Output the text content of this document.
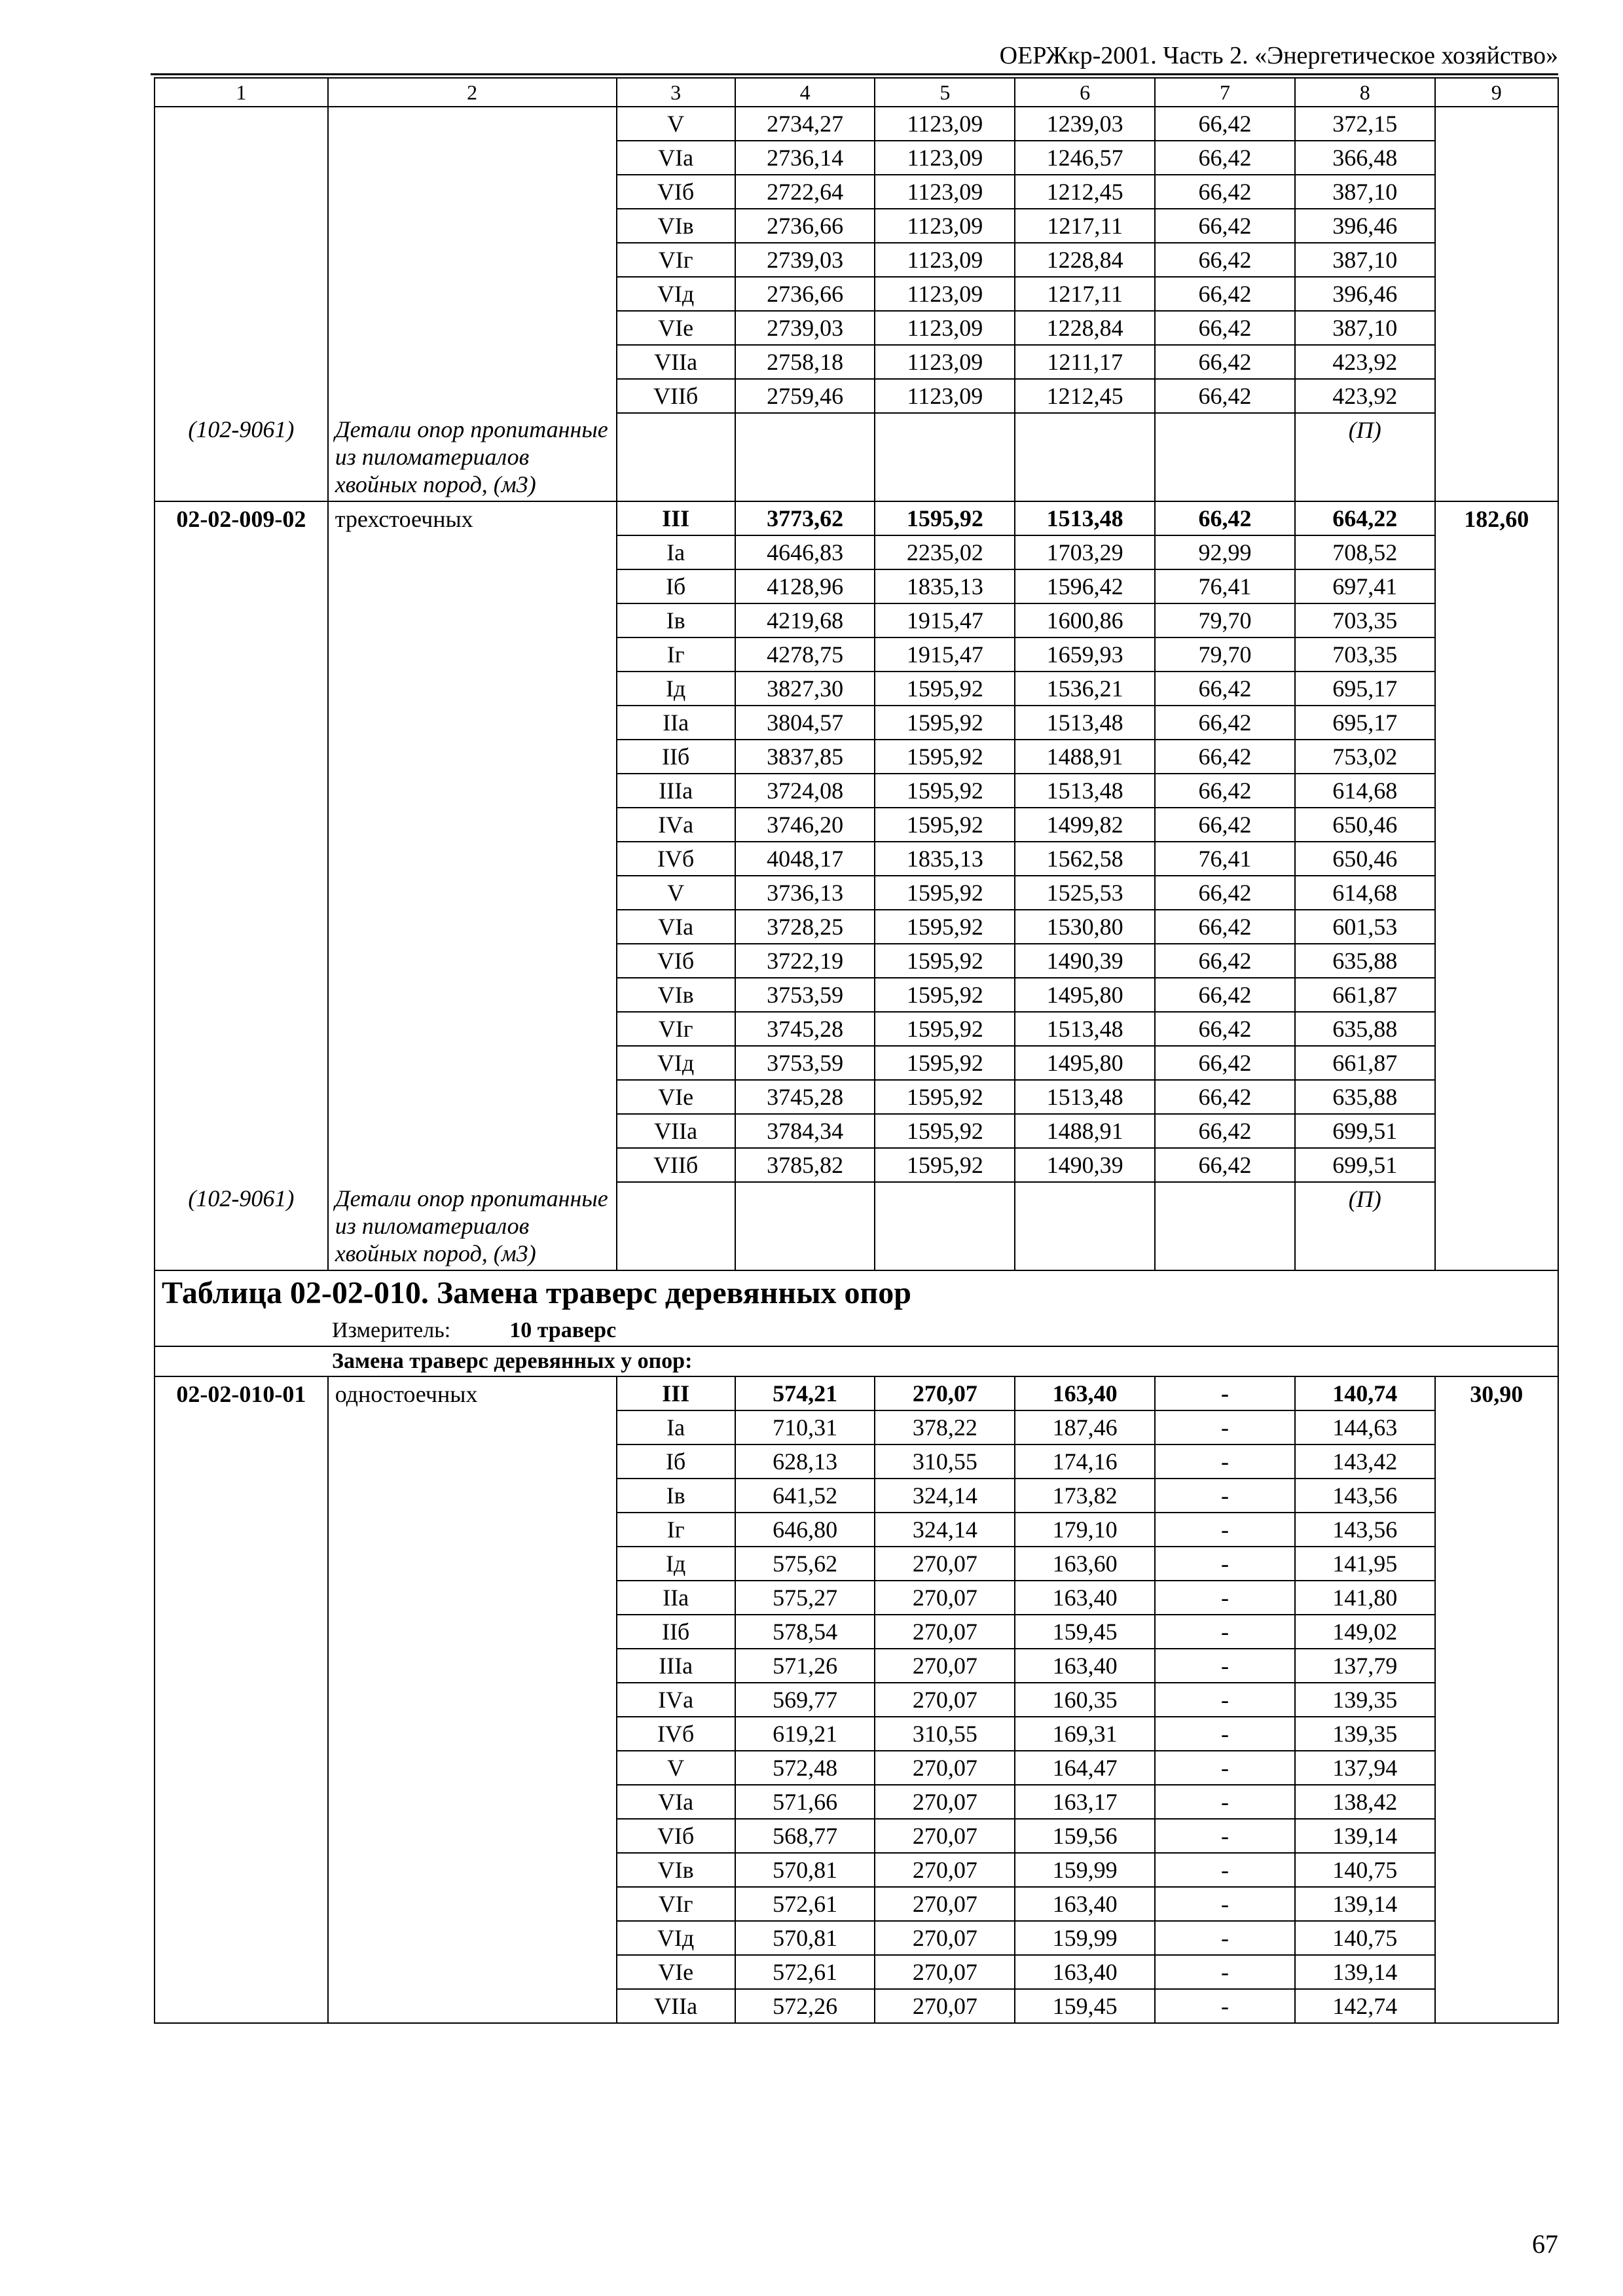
ОЕРЖкр-2001. Часть 2. «Энергетическое хозяйство»
1	2	3	4	5	6	7	8	9
		V	2734,27	1123,09	1239,03	66,42	372,15	
		VIа	2736,14	1123,09	1246,57	66,42	366,48	
		VIб	2722,64	1123,09	1212,45	66,42	387,10	
		VIв	2736,66	1123,09	1217,11	66,42	396,46	
		VIг	2739,03	1123,09	1228,84	66,42	387,10	
		VIд	2736,66	1123,09	1217,11	66,42	396,46	
		VIе	2739,03	1123,09	1228,84	66,42	387,10	
		VIIа	2758,18	1123,09	1211,17	66,42	423,92	
		VIIб	2759,46	1123,09	1212,45	66,42	423,92	
(102-9061)	Детали опор пропитанные из пиломатериалов хвойных пород, (м3)						(П)	
02-02-009-02	трехстоечных	III	3773,62	1595,92	1513,48	66,42	664,22	182,60
		Iа	4646,83	2235,02	1703,29	92,99	708,52	
		Iб	4128,96	1835,13	1596,42	76,41	697,41	
		Iв	4219,68	1915,47	1600,86	79,70	703,35	
		Iг	4278,75	1915,47	1659,93	79,70	703,35	
		Iд	3827,30	1595,92	1536,21	66,42	695,17	
		IIа	3804,57	1595,92	1513,48	66,42	695,17	
		IIб	3837,85	1595,92	1488,91	66,42	753,02	
		IIIа	3724,08	1595,92	1513,48	66,42	614,68	
		IVа	3746,20	1595,92	1499,82	66,42	650,46	
		IVб	4048,17	1835,13	1562,58	76,41	650,46	
		V	3736,13	1595,92	1525,53	66,42	614,68	
		VIа	3728,25	1595,92	1530,80	66,42	601,53	
		VIб	3722,19	1595,92	1490,39	66,42	635,88	
		VIв	3753,59	1595,92	1495,80	66,42	661,87	
		VIг	3745,28	1595,92	1513,48	66,42	635,88	
		VIд	3753,59	1595,92	1495,80	66,42	661,87	
		VIе	3745,28	1595,92	1513,48	66,42	635,88	
		VIIа	3784,34	1595,92	1488,91	66,42	699,51	
		VIIб	3785,82	1595,92	1490,39	66,42	699,51	
(102-9061)	Детали опор пропитанные из пиломатериалов хвойных пород, (м3)						(П)	
Таблица 02-02-010. Замена траверс деревянных опор								
Измеритель: 10 траверс								
Замена траверс деревянных у опор:								
02-02-010-01	одностоечных	III	574,21	270,07	163,40	-	140,74	30,90
		Iа	710,31	378,22	187,46	-	144,63	
		Iб	628,13	310,55	174,16	-	143,42	
		Iв	641,52	324,14	173,82	-	143,56	
		Iг	646,80	324,14	179,10	-	143,56	
		Iд	575,62	270,07	163,60	-	141,95	
		IIа	575,27	270,07	163,40	-	141,80	
		IIб	578,54	270,07	159,45	-	149,02	
		IIIа	571,26	270,07	163,40	-	137,79	
		IVа	569,77	270,07	160,35	-	139,35	
		IVб	619,21	310,55	169,31	-	139,35	
		V	572,48	270,07	164,47	-	137,94	
		VIа	571,66	270,07	163,17	-	138,42	
		VIб	568,77	270,07	159,56	-	139,14	
		VIв	570,81	270,07	159,99	-	140,75	
		VIг	572,61	270,07	163,40	-	139,14	
		VIд	570,81	270,07	159,99	-	140,75	
		VIе	572,61	270,07	163,40	-	139,14	
		VIIа	572,26	270,07	159,45	-	142,74	
67
